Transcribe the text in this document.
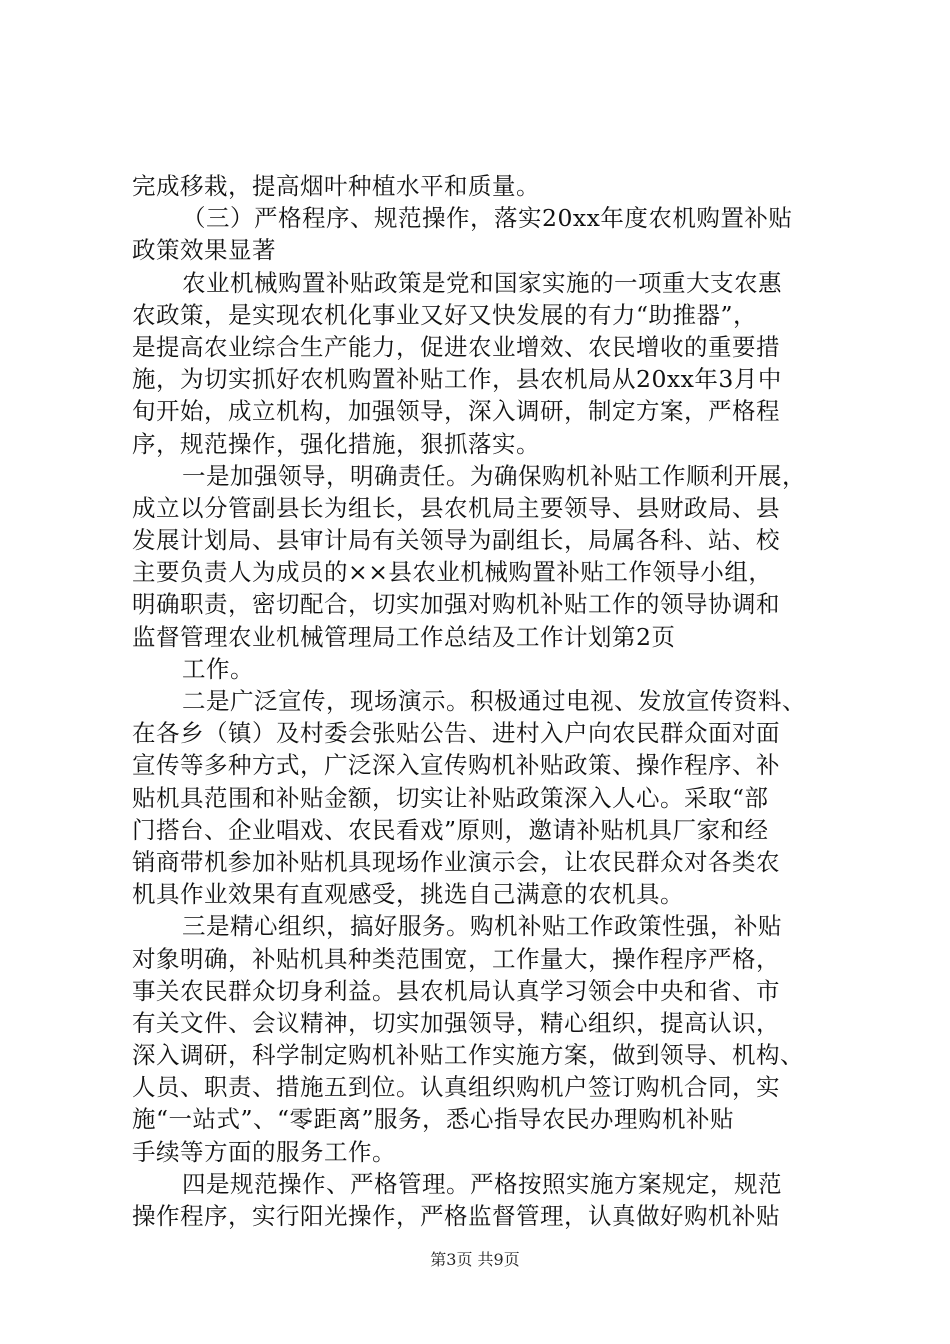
完成移栽，提高烟叶种植水平和质量。
（三）严格程序、规范操作，落实20xx年度农机购置补贴
政策效果显著
农业机械购置补贴政策是党和国家实施的一项重大支农惠
农政策，是实现农机化事业又好又快发展的有力“助推器”，
是提高农业综合生产能力，促进农业增效、农民增收的重要措
施，为切实抓好农机购置补贴工作，县农机局从20xx年3月中
旬开始，成立机构，加强领导，深入调研，制定方案，严格程
序，规范操作，强化措施，狠抓落实。
一是加强领导，明确责任。为确保购机补贴工作顺利开展，
成立以分管副县长为组长，县农机局主要领导、县财政局、县
发展计划局、县审计局有关领导为副组长，局属各科、站、校
主要负责人为成员的××县农业机械购置补贴工作领导小组，
明确职责，密切配合，切实加强对购机补贴工作的领导协调和
监督管理农业机械管理局工作总结及工作计划第2页
工作。
二是广泛宣传，现场演示。积极通过电视、发放宣传资料、
在各乡（镇）及村委会张贴公告、进村入户向农民群众面对面
宣传等多种方式，广泛深入宣传购机补贴政策、操作程序、补
贴机具范围和补贴金额，切实让补贴政策深入人心。采取“部
门搭台、企业唱戏、农民看戏”原则，邀请补贴机具厂家和经
销商带机参加补贴机具现场作业演示会，让农民群众对各类农
机具作业效果有直观感受，挑选自己满意的农机具。
三是精心组织，搞好服务。购机补贴工作政策性强，补贴
对象明确，补贴机具种类范围宽，工作量大，操作程序严格，
事关农民群众切身利益。县农机局认真学习领会中央和省、市
有关文件、会议精神，切实加强领导，精心组织，提高认识，
深入调研，科学制定购机补贴工作实施方案，做到领导、机构、
人员、职责、措施五到位。认真组织购机户签订购机合同，实
施“一站式”、“零距离”服务，悉心指导农民办理购机补贴
手续等方面的服务工作。
四是规范操作、严格管理。严格按照实施方案规定，规范
操作程序，实行阳光操作，严格监督管理，认真做好购机补贴
第3页 共9页
